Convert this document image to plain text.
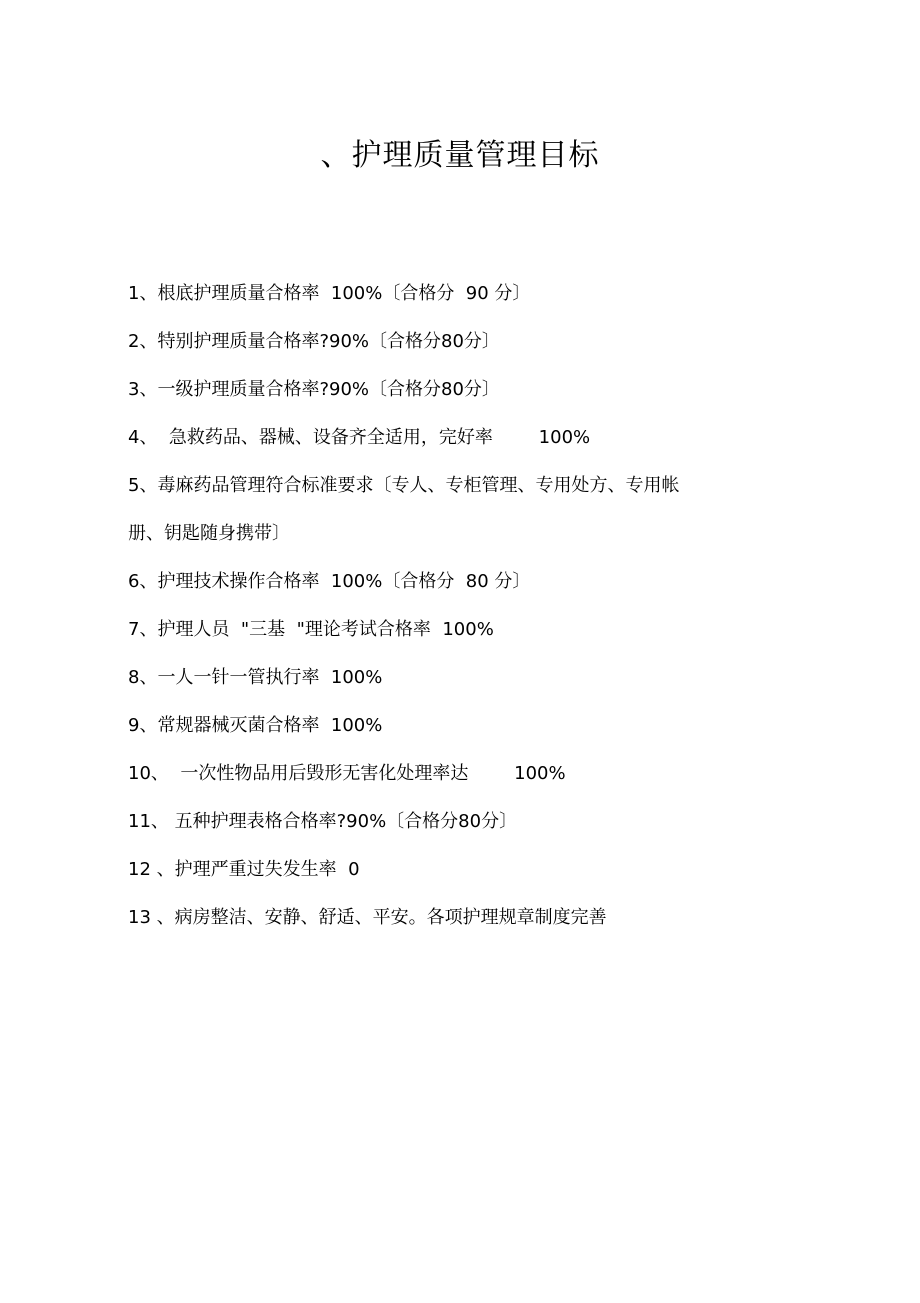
、护理质量管理目标
1、根底护理质量合格率  100%〔合格分  90 分〕
2、特别护理质量合格率?90%〔合格分80分〕
3、一级护理质量合格率?90%〔合格分80分〕
4、  急救药品、器械、设备齐全适用，完好率        100%
5、毒麻药品管理符合标准要求〔专人、专柜管理、专用处方、专用帐
册、钥匙随身携带〕
6、护理技术操作合格率  100%〔合格分  80 分〕
7、护理人员  "三基  "理论考试合格率  100%
8、一人一针一管执行率  100%
9、常规器械灭菌合格率  100%
10、  一次性物品用后毁形无害化处理率达        100%
11、 五种护理表格合格率?90%〔合格分80分〕
12 、护理严重过失发生率  0
13 、病房整洁、安静、舒适、平安。各项护理规章制度完善
